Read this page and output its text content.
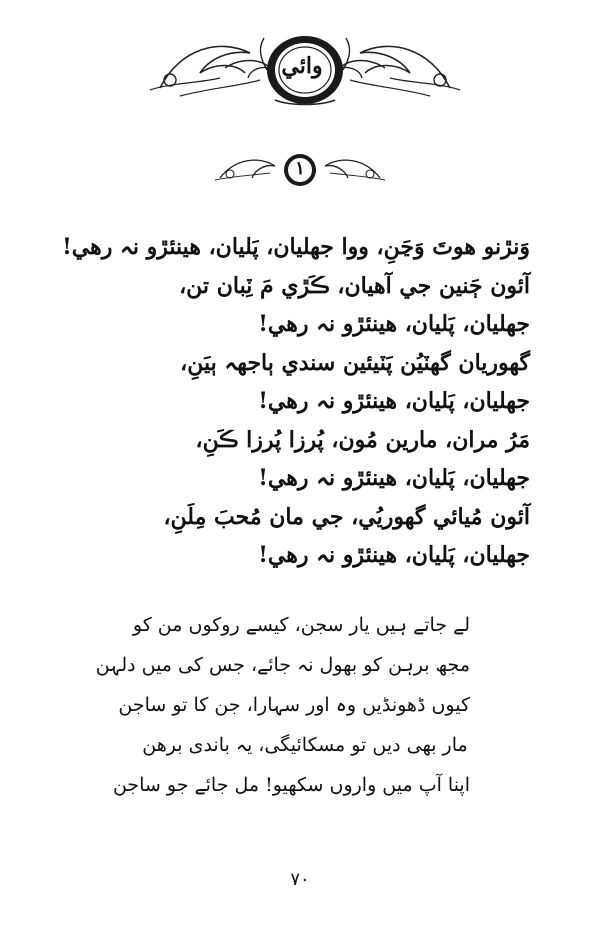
وائي
١
وَنڙنو هوتَ وَڃَنِ، ووا جهليان، پَليان، هينئڙو نہ رهي!
آئون ڄَنين جي آهيان، ڪَڙي مَ ٽِبان تن،
جهليان، پَليان، هينئڙو نہ رهي!
گهوريان گهٽيُن پَٽيئين سندي ٻاجهہ ٻيَنِ،
جهليان، پَليان، هينئڙو نہ رهي!
مَرُ مران، مارين مُون، پُرزا پُرزا ڪَنِ،
جهليان، پَليان، هينئڙو نہ رهي!
آئون مُيائي گهوريُي، جي مان مُحبَ مِلَنِ،
جهليان، پَليان، هينئڙو نہ رهي!
لے جاتے ہیں یار سجن، کیسے روکوں من کو
مجھ برہن کو بھول نہ جائے، جس کی میں دلہن
کیوں ڈھونڈیں وہ اور سہارا، جن کا تو ساجن
مار بھی دیں تو مسکائیگی، یہ باندی برهن
اپنا آپ میں واروں سکھیو! مل جائے جو ساجن
٧٠
